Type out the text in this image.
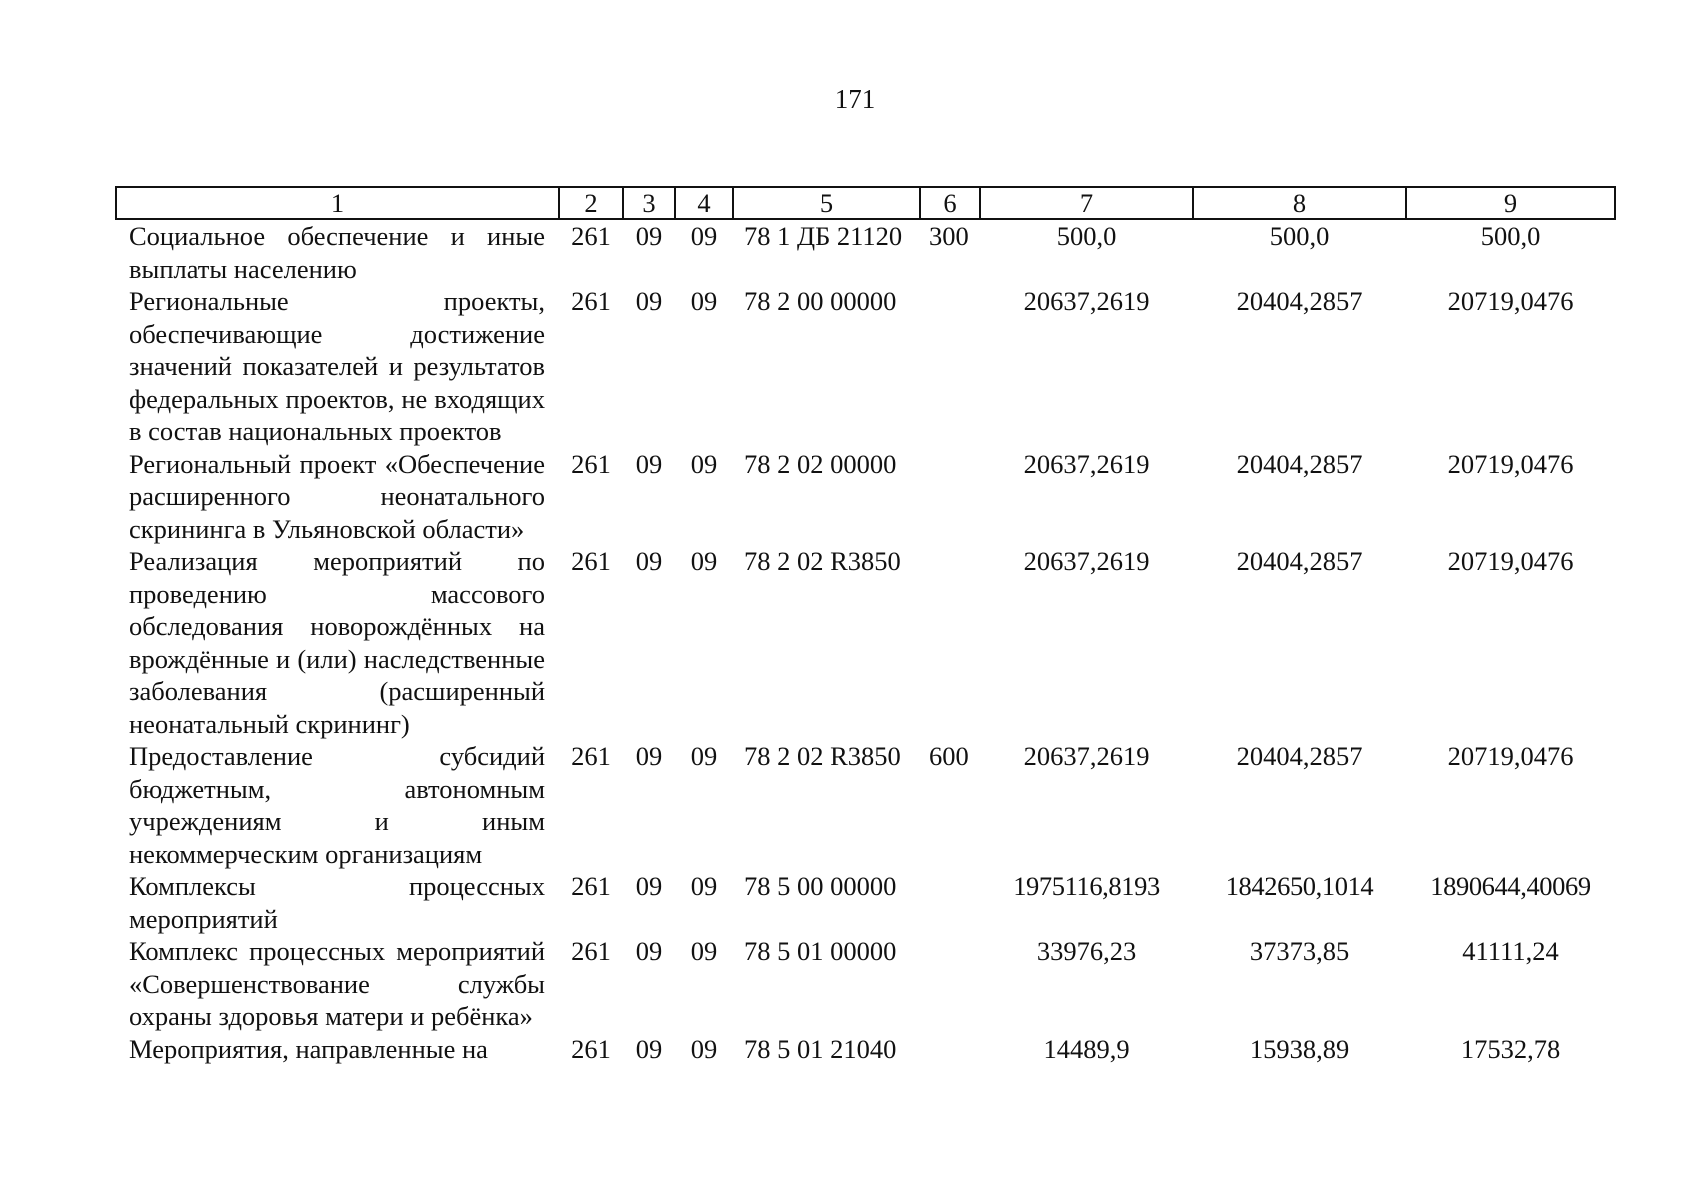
171
1	2	3	4	5	6	7	8	9
Социальное обеспечение и иные выплаты населению	261	09	09	78 1 ДБ 21120	300	500,0	500,0	500,0
Региональные проекты, обеспечивающие достижение значений показателей и результатов федеральных проектов, не входящих в состав национальных проектов	261	09	09	78 2 00 00000		20637,2619	20404,2857	20719,0476
Региональный проект «Обеспечение расширенного неонатального скрининга в Ульяновской области»	261	09	09	78 2 02 00000		20637,2619	20404,2857	20719,0476
Реализация мероприятий по проведению массового обследования новорождённых на врождённые и (или) наследственные заболевания (расширенный неонатальный скрининг)	261	09	09	78 2 02 R3850		20637,2619	20404,2857	20719,0476
Предоставление субсидий бюджетным, автономным учреждениям и иным некоммерческим организациям	261	09	09	78 2 02 R3850	600	20637,2619	20404,2857	20719,0476
Комплексы процессных мероприятий	261	09	09	78 5 00 00000		1975116,8193	1842650,1014	1890644,40069
Комплекс процессных мероприятий «Совершенствование службы охраны здоровья матери и ребёнка»	261	09	09	78 5 01 00000		33976,23	37373,85	41111,24
Мероприятия, направленные на	261	09	09	78 5 01 21040		14489,9	15938,89	17532,78
